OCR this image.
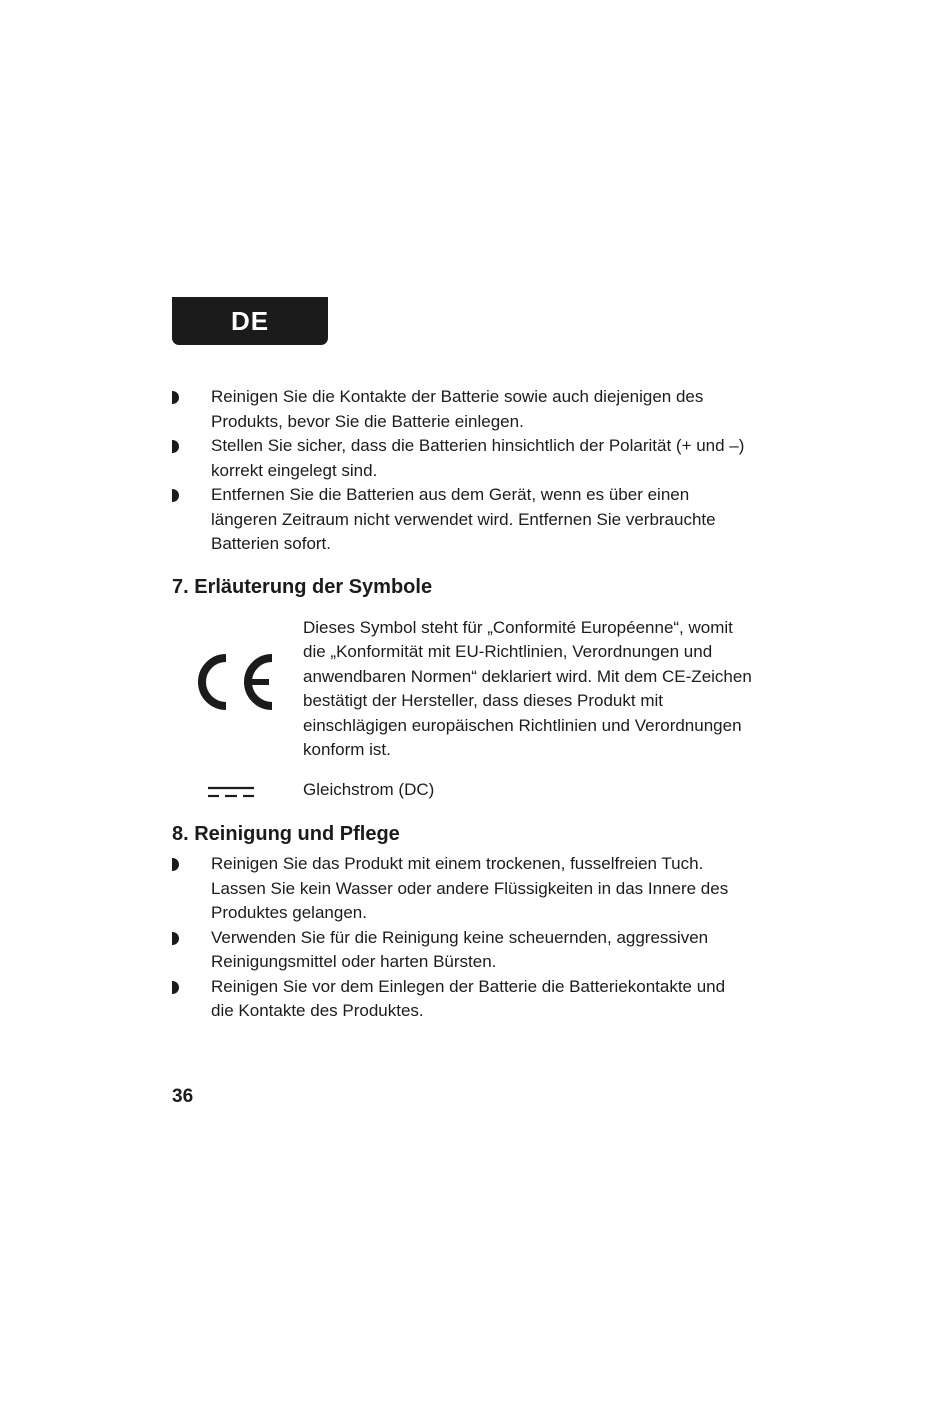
DE
Reinigen Sie die Kontakte der Batterie sowie auch diejenigen des Produkts, bevor Sie die Batterie einlegen.
Stellen Sie sicher, dass die Batterien hinsichtlich der Polarität (+ und –) korrekt eingelegt sind.
Entfernen Sie die Batterien aus dem Gerät, wenn es über einen längeren Zeitraum nicht verwendet wird. Entfernen Sie verbrauchte Batterien sofort.
7. Erläuterung der Symbole

Dieses Symbol steht für „Conformité Européenne“, womit die „Konformität mit EU-Richtlinien, Verordnungen und anwendbaren Normen“ deklariert wird. Mit dem CE-Zeichen bestätigt der Hersteller, dass dieses Produkt mit einschlägigen europäischen Richtlinien und Verordnungen konform ist.

Gleichstrom (DC)

8. Reinigung und Pflege
Reinigen Sie das Produkt mit einem trockenen, fusselfreien Tuch. Lassen Sie kein Wasser oder andere Flüssigkeiten in das Innere des Produktes gelangen.
Verwenden Sie für die Reinigung keine scheuernden, aggressiven Reinigungsmittel oder harten Bürsten.
Reinigen Sie vor dem Einlegen der Batterie die Batteriekontakte und die Kontakte des Produktes.
36
